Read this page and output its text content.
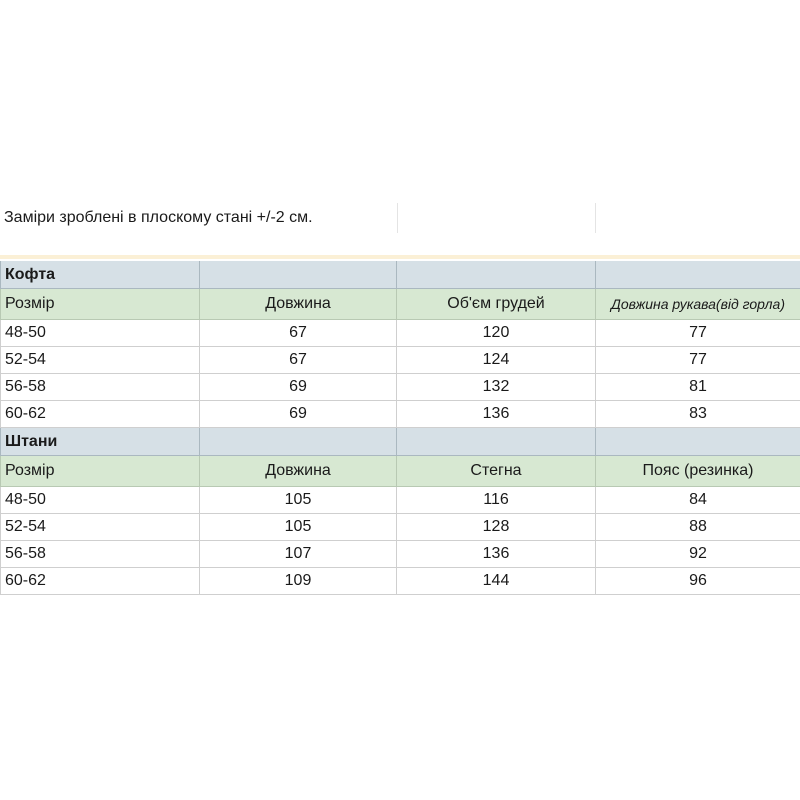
Заміри зроблені в плоскому стані +/-2 см.
Кофта
Розмір	Довжина	Об'єм грудей	Довжина рукава(від горла)
48-50	67	120	77
52-54	67	124	77
56-58	69	132	81
60-62	69	136	83
Штани
Розмір	Довжина	Стегна	Пояс (резинка)
48-50	105	116	84
52-54	105	128	88
56-58	107	136	92
60-62	109	144	96
